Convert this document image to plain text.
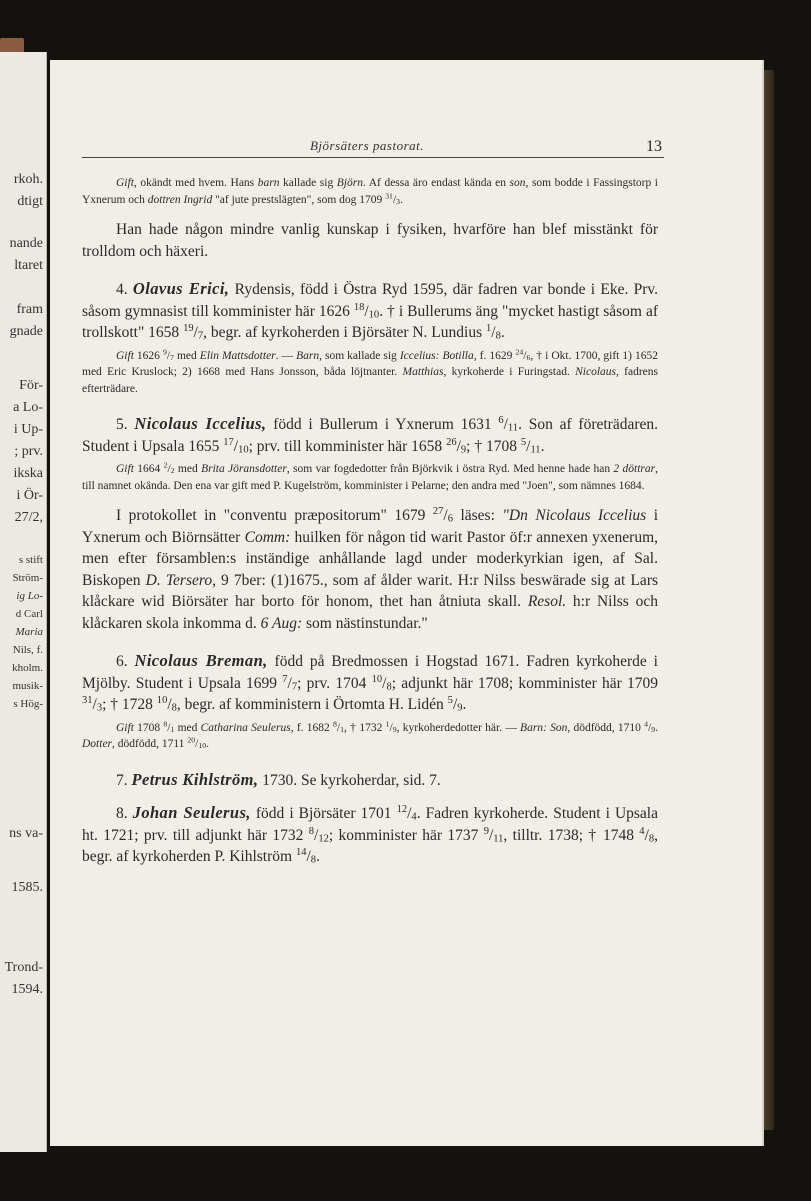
rkoh.
dtigt
nande
ltaret
fram
gnade
För-
a Lo-
i Up-
; prv.
ikska
i Ör-
27/2,
s stift
Ström-
ig Lo-
d Carl
Maria
Nils, f.
kholm.
musik-
s Hög-
ns va-
1585.
Trond-
1594.
Björsäters pastorat.	13

Gift, okändt med hvem. Hans barn kallade sig Björn. Af dessa äro endast kända en son, som bodde i Fassingstorp i Yxnerum och dottren Ingrid "af jute prestslägten", som dog 1709 $^{31}/_3$.

Han hade någon mindre vanlig kunskap i fysiken, hvarföre han blef misstänkt för trolldom och häxeri.

4. Olavus Erici, Rydensis, född i Östra Ryd 1595, där fadren var bonde i Eke. Prv. såsom gymnasist till komminister här 1626 $^{18}/_{10}$. † i Bullerums äng "mycket hastigt såsom af trollskott" 1658 $^{19}/_7$, begr. af kyrkoherden i Björsäter N. Lundius $^1/_8$.

Gift 1626 $^9/_7$ med Elin Mattsdotter. — Barn, som kallade sig Iccelius: Botilla, f. 1629 $^{24}/_6$, † i Okt. 1700, gift 1) 1652 med Eric Kruslock; 2) 1668 med Hans Jonsson, båda löjtnanter. Matthias, kyrkoherde i Furingstad. Nicolaus, fadrens efterträdare.

5. Nicolaus Iccelius, född i Bullerum i Yxnerum 1631 $^6/_{11}$. Son af företrädaren. Student i Upsala 1655 $^{17}/_{10}$; prv. till komminister här 1658 $^{26}/_9$; † 1708 $^5/_{11}$.

Gift 1664 $^2/_2$ med Brita Jöransdotter, som var fogdedotter från Björkvik i östra Ryd. Med henne hade han 2 döttrar, till namnet okända. Den ena var gift med P. Kugelström, komminister i Pelarne; den andra med "Joen", som nämnes 1684.

I protokollet in "conventu præpositorum" 1679 $^{27}/_6$ läses: "Dn Nicolaus Iccelius i Yxnerum och Biörnsätter Comm: huilken för någon tid warit Pastor öf:r annexen yxenerum, men efter församblen:s inständige anhållande lagd under moderkyrkian igen, af Sal. Biskopen D. Tersero, 9 7ber: (1)1675., som af ålder warit. H:r Nilss beswärade sig at Lars klåckare wid Biörsäter har borto för honom, thet han åtniuta skall. Resol. h:r Nilss och klåckaren skola inkomma d. 6 Aug: som nästinstundar."

6. Nicolaus Breman, född på Bredmossen i Hogstad 1671. Fadren kyrkoherde i Mjölby. Student i Upsala 1699 $^7/_7$; prv. 1704 $^{10}/_8$; adjunkt här 1708; komminister här 1709 $^{31}/_3$; † 1728 $^{10}/_8$, begr. af komministern i Örtomta H. Lidén $^5/_9$.

Gift 1708 $^8/_1$ med Catharina Seulerus, f. 1682 $^8/_1$, † 1732 $^1/_9$, kyrkoherdedotter här. — Barn: Son, dödfödd, 1710 $^4/_9$. Dotter, dödfödd, 1711 $^{20}/_{10}$.

7. Petrus Kihlström, 1730. Se kyrkoherdar, sid. 7.

8. Johan Seulerus, född i Björsäter 1701 $^{12}/_4$. Fadren kyrkoherde. Student i Upsala ht. 1721; prv. till adjunkt här 1732 $^8/_{12}$; komminister här 1737 $^9/_{11}$, tilltr. 1738; † 1748 $^4/_8$, begr. af kyrkoherden P. Kihlström $^{14}/_8$.
